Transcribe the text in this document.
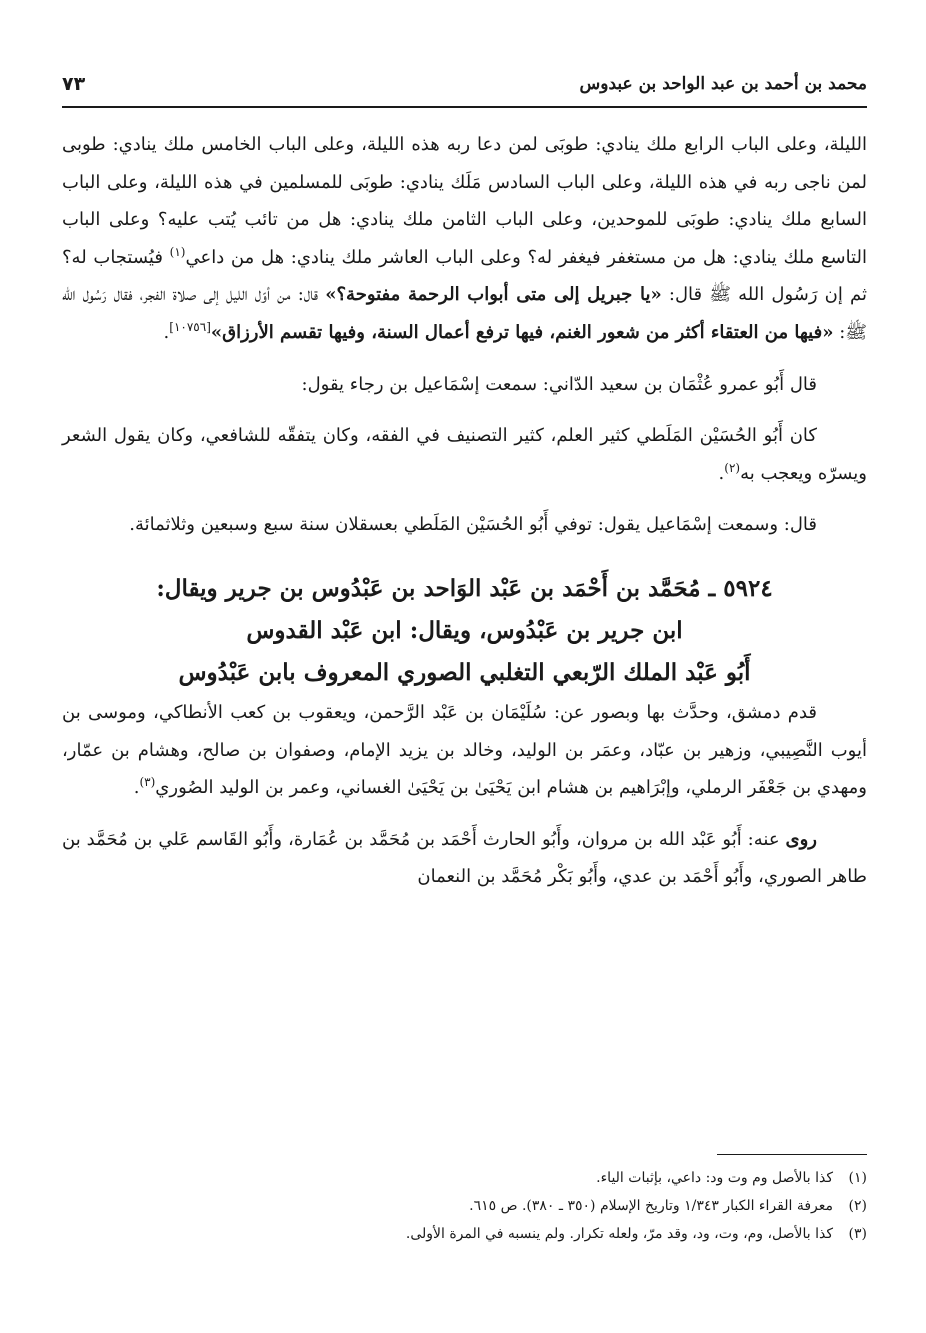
محمد بن أحمد بن عبد الواحد بن عبدوس
٧٣

الليلة، وعلى الباب الرابع ملك ينادي: طوبَى لمن دعا ربه هذه الليلة، وعلى الباب الخامس ملك ينادي: طوبى لمن ناجى ربه في هذه الليلة، وعلى الباب السادس مَلَك ينادي: طوبَى للمسلمين في هذه الليلة، وعلى الباب السابع ملك ينادي: طوبَى للموحدين، وعلى الباب الثامن ملك ينادي: هل من تائب يُتب عليه؟ وعلى الباب التاسع ملك ينادي: هل من مستغفر فيغفر له؟ وعلى الباب العاشر ملك ينادي: هل من داعي$^{(١)}$ فيُستجاب له؟ ثم إن رَسُول الله ﷺ قال: «يا جبريل إلى متى أبواب الرحمة مفتوحة؟» قال: من أوّل الليل إلى صلاة الفجر، فقال رَسُول الله ﷺ: «فيها من العتقاء أكثر من شعور الغنم، فيها ترفع أعمال السنة، وفيها تقسم الأرزاق»[١٠٧٥٦].

قال أَبُو عمرو عُثْمَان بن سعيد الدّاني: سمعت إسْمَاعيل بن رجاء يقول:

كان أَبُو الحُسَيْن المَلَطي كثير العلم، كثير التصنيف في الفقه، وكان يتفقّه للشافعي، وكان يقول الشعر ويسرّه ويعجب به$^{(٢)}$.

قال: وسمعت إسْمَاعيل يقول: توفي أَبُو الحُسَيْن المَلَطي بعسقلان سنة سبع وسبعين وثلاثمائة.

٥٩٢٤ ـ مُحَمَّد بن أَحْمَد بن عَبْد الوَاحد بن عَبْدُوس بن جرير ويقال:
ابن جرير بن عَبْدُوس، ويقال: ابن عَبْد القدوس
أَبُو عَبْد الملك الرّبعي التغلبي الصوري المعروف بابن عَبْدُوس

قدم دمشق، وحدَّث بها وبصور عن: سُلَيْمَان بن عَبْد الرَّحمن، ويعقوب بن كعب الأنطاكي، وموسى بن أيوب النَّصِيبي، وزهير بن عبّاد، وعمَر بن الوليد، وخالد بن يزيد الإمام، وصفوان بن صالح، وهشام بن عمّار، ومهدي بن جَعْفَر الرملي، وإبْرَاهيم بن هشام ابن يَحْيَىٰ بن يَحْيَىٰ الغساني، وعمر بن الوليد الصُوري$^{(٣)}$.

روى عنه: أَبُو عَبْد الله بن مروان، وأَبُو الحارث أَحْمَد بن مُحَمَّد بن عُمَارة، وأَبُو القَاسم عَلي بن مُحَمَّد بن طاهر الصوري، وأَبُو أَحْمَد بن عدي، وأَبُو بَكْر مُحَمَّد بن النعمان

(١)
كذا بالأصل وم وت ود: داعي، بإثبات الياء.
(٢)
معرفة القراء الكبار ١/٣٤٣ وتاريخ الإسلام (٣٥٠ ـ ٣٨٠). ص ٦١٥.
(٣)
كذا بالأصل، وم، وت، ود، وقد مرّ، ولعله تكرار. ولم ينسبه في المرة الأولى.
